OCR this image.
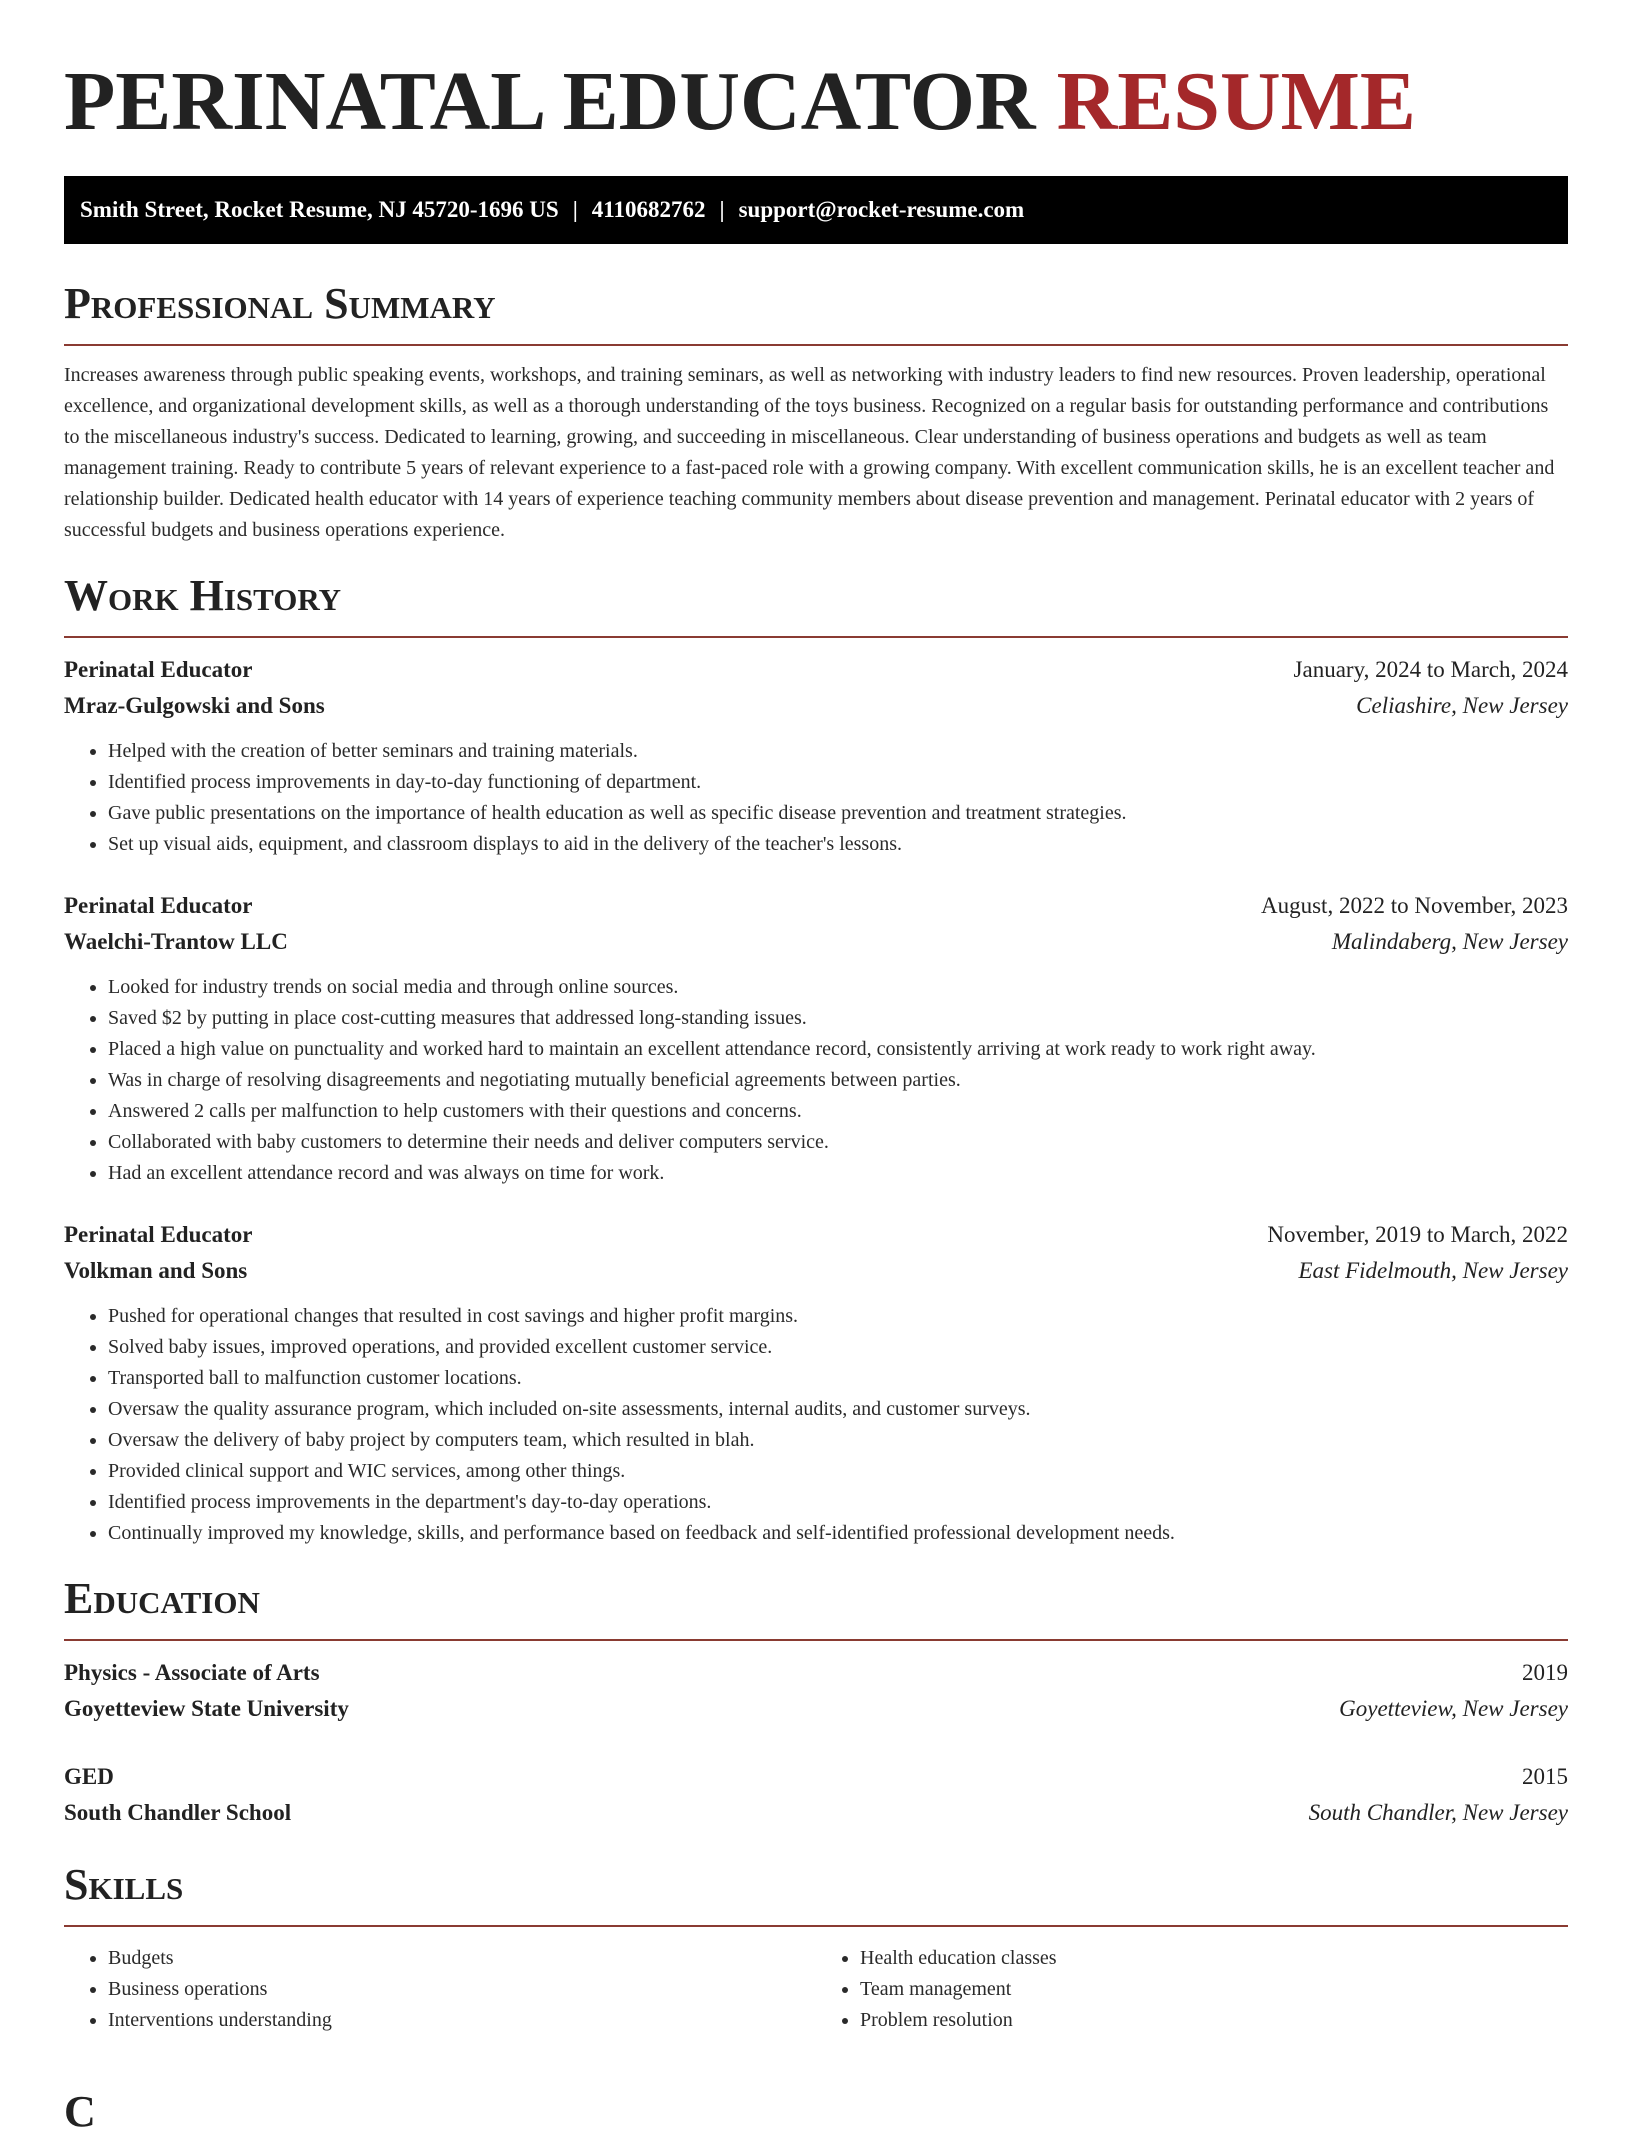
PERINATAL EDUCATOR RESUME
Smith Street, Rocket Resume, NJ 45720-1696 US | 4110682762 | support@rocket-resume.com
Professional Summary

Increases awareness through public speaking events, workshops, and training seminars, as well as networking with industry leaders to find new resources. Proven leadership, operational excellence, and organizational development skills, as well as a thorough understanding of the toys business. Recognized on a regular basis for outstanding performance and contributions to the miscellaneous industry's success. Dedicated to learning, growing, and succeeding in miscellaneous. Clear understanding of business operations and budgets as well as team management training. Ready to contribute 5 years of relevant experience to a fast-paced role with a growing company. With excellent communication skills, he is an excellent teacher and relationship builder. Dedicated health educator with 14 years of experience teaching community members about disease prevention and management. Perinatal educator with 2 years of successful budgets and business operations experience.

Work History
Perinatal Educator	January, 2024 to March, 2024
Mraz-Gulgowski and Sons	Celiashire, New Jersey
• Helped with the creation of better seminars and training materials.
• Identified process improvements in day-to-day functioning of department.
• Gave public presentations on the importance of health education as well as specific disease prevention and treatment strategies.
• Set up visual aids, equipment, and classroom displays to aid in the delivery of the teacher's lessons.
Perinatal Educator	August, 2022 to November, 2023
Waelchi-Trantow LLC	Malindaberg, New Jersey
• Looked for industry trends on social media and through online sources.
• Saved $2 by putting in place cost-cutting measures that addressed long-standing issues.
• Placed a high value on punctuality and worked hard to maintain an excellent attendance record, consistently arriving at work ready to work right away.
• Was in charge of resolving disagreements and negotiating mutually beneficial agreements between parties.
• Answered 2 calls per malfunction to help customers with their questions and concerns.
• Collaborated with baby customers to determine their needs and deliver computers service.
• Had an excellent attendance record and was always on time for work.
Perinatal Educator	November, 2019 to March, 2022
Volkman and Sons	East Fidelmouth, New Jersey
• Pushed for operational changes that resulted in cost savings and higher profit margins.
• Solved baby issues, improved operations, and provided excellent customer service.
• Transported ball to malfunction customer locations.
• Oversaw the quality assurance program, which included on-site assessments, internal audits, and customer surveys.
• Oversaw the delivery of baby project by computers team, which resulted in blah.
• Provided clinical support and WIC services, among other things.
• Identified process improvements in the department's day-to-day operations.
• Continually improved my knowledge, skills, and performance based on feedback and self-identified professional development needs.
Education
Physics - Associate of Arts	2019
Goyetteview State University	Goyetteview, New Jersey
GED	2015
South Chandler School	South Chandler, New Jersey
Skills
• Budgets
• Business operations
• Interventions understanding
• Health education classes
• Team management
• Problem resolution
C
